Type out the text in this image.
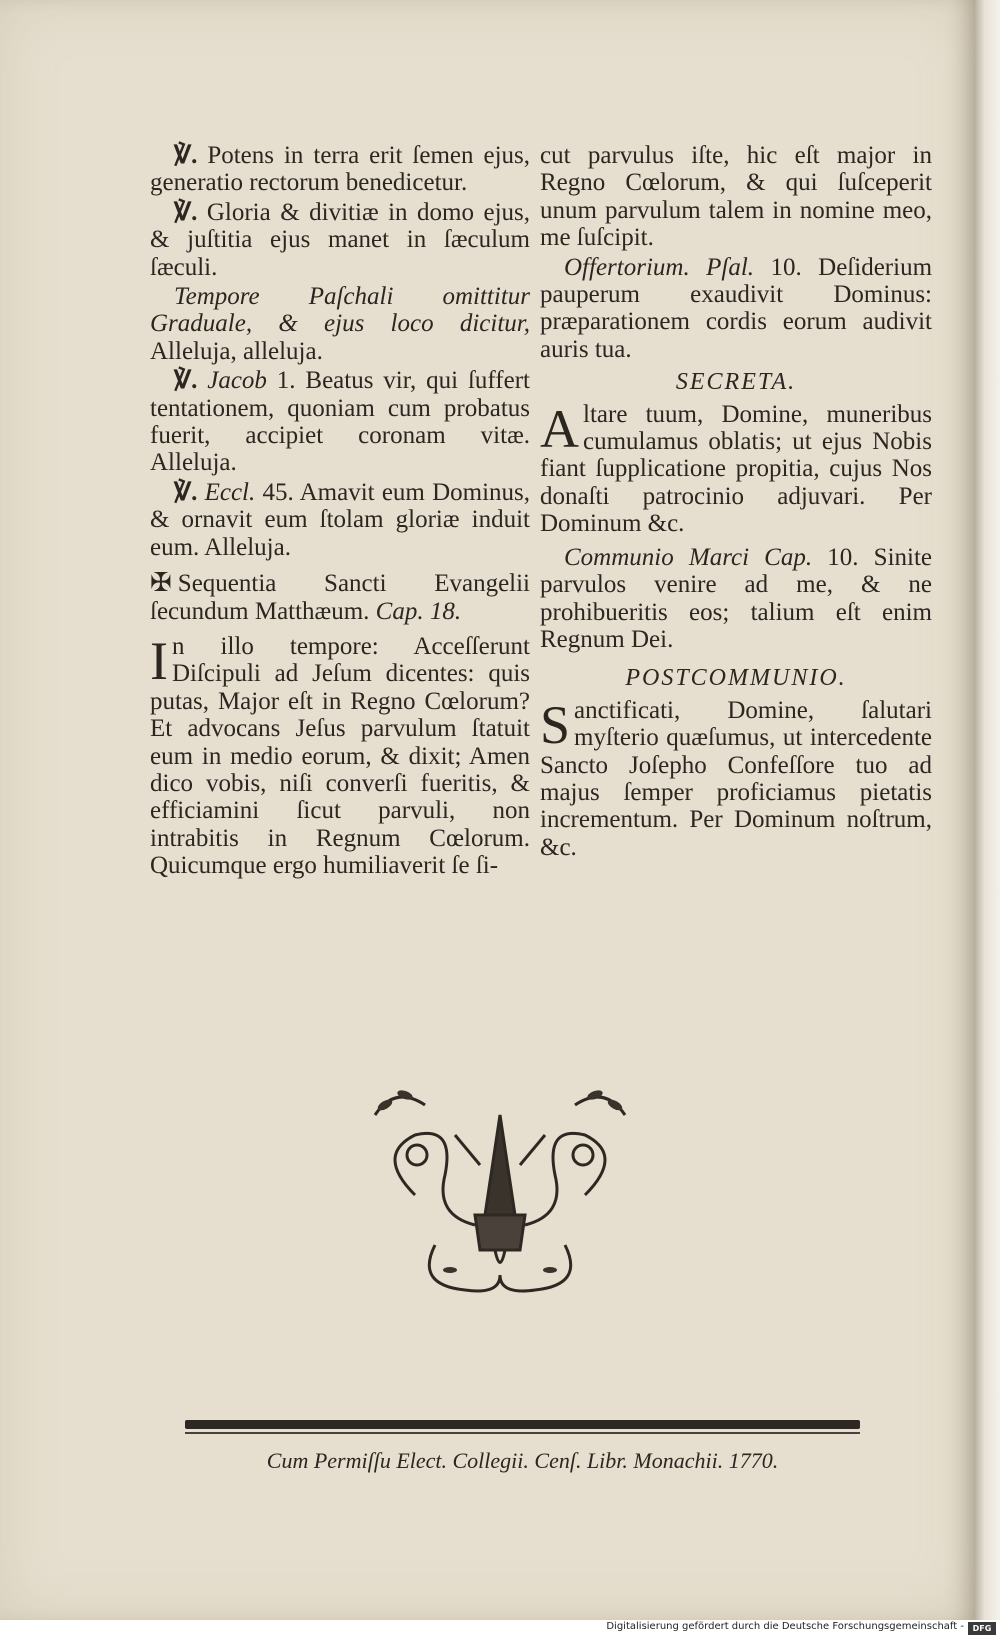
℣. Potens in terra erit ſemen ejus, generatio rectorum benedicetur.

℣. Gloria & divitiæ in domo ejus, & juſtitia ejus manet in ſæculum ſæculi.

Tempore Paſchali omittitur Graduale, & ejus loco dicitur, Alleluja, alleluja.

℣. Jacob 1. Beatus vir, qui ſuffert tentationem, quoniam cum probatus fuerit, accipiet coronam vitæ. Alleluja.

℣. Eccl. 45. Amavit eum Dominus, & ornavit eum ſtolam gloriæ induit eum. Alleluja.

✠ Sequentia Sancti Evangelii ſecundum Matthæum. Cap. 18.

In illo tempore: Acceſſerunt Diſcipuli ad Jeſum dicentes: quis putas, Major eſt in Regno Cœlorum? Et advocans Jeſus parvulum ſtatuit eum in medio eorum, & dixit; Amen dico vobis, niſi converſi fueritis, & efficiamini ſicut parvuli, non intrabitis in Regnum Cœlorum. Quicumque ergo humiliaverit ſe ſi-

cut parvulus iſte, hic eſt major in Regno Cœlorum, & qui ſuſceperit unum parvulum talem in nomine meo, me ſuſcipit.

Offertorium. Pſal. 10. Deſiderium pauperum exaudivit Dominus: præparationem cordis eorum audivit auris tua.

SECRETA.

Altare tuum, Domine, muneribus cumulamus oblatis; ut ejus Nobis fiant ſupplicatione propitia, cujus Nos donaſti patrocinio adjuvari. Per Dominum &c.

Communio Marci Cap. 10. Sinite parvulos venire ad me, & ne prohibueritis eos; talium eſt enim Regnum Dei.

POSTCOMMUNIO.

Sanctificati, Domine, ſalutari myſterio quæſumus, ut intercedente Sancto Joſepho Confeſſore tuo ad majus ſemper proficiamus pietatis incrementum. Per Dominum noſtrum, &c.

Cum Permiſſu Elect. Collegii. Cenſ. Libr. Monachii. 1770.
Digitalisierung gefördert durch die Deutsche Forschungsgemeinschaft -	DFG
